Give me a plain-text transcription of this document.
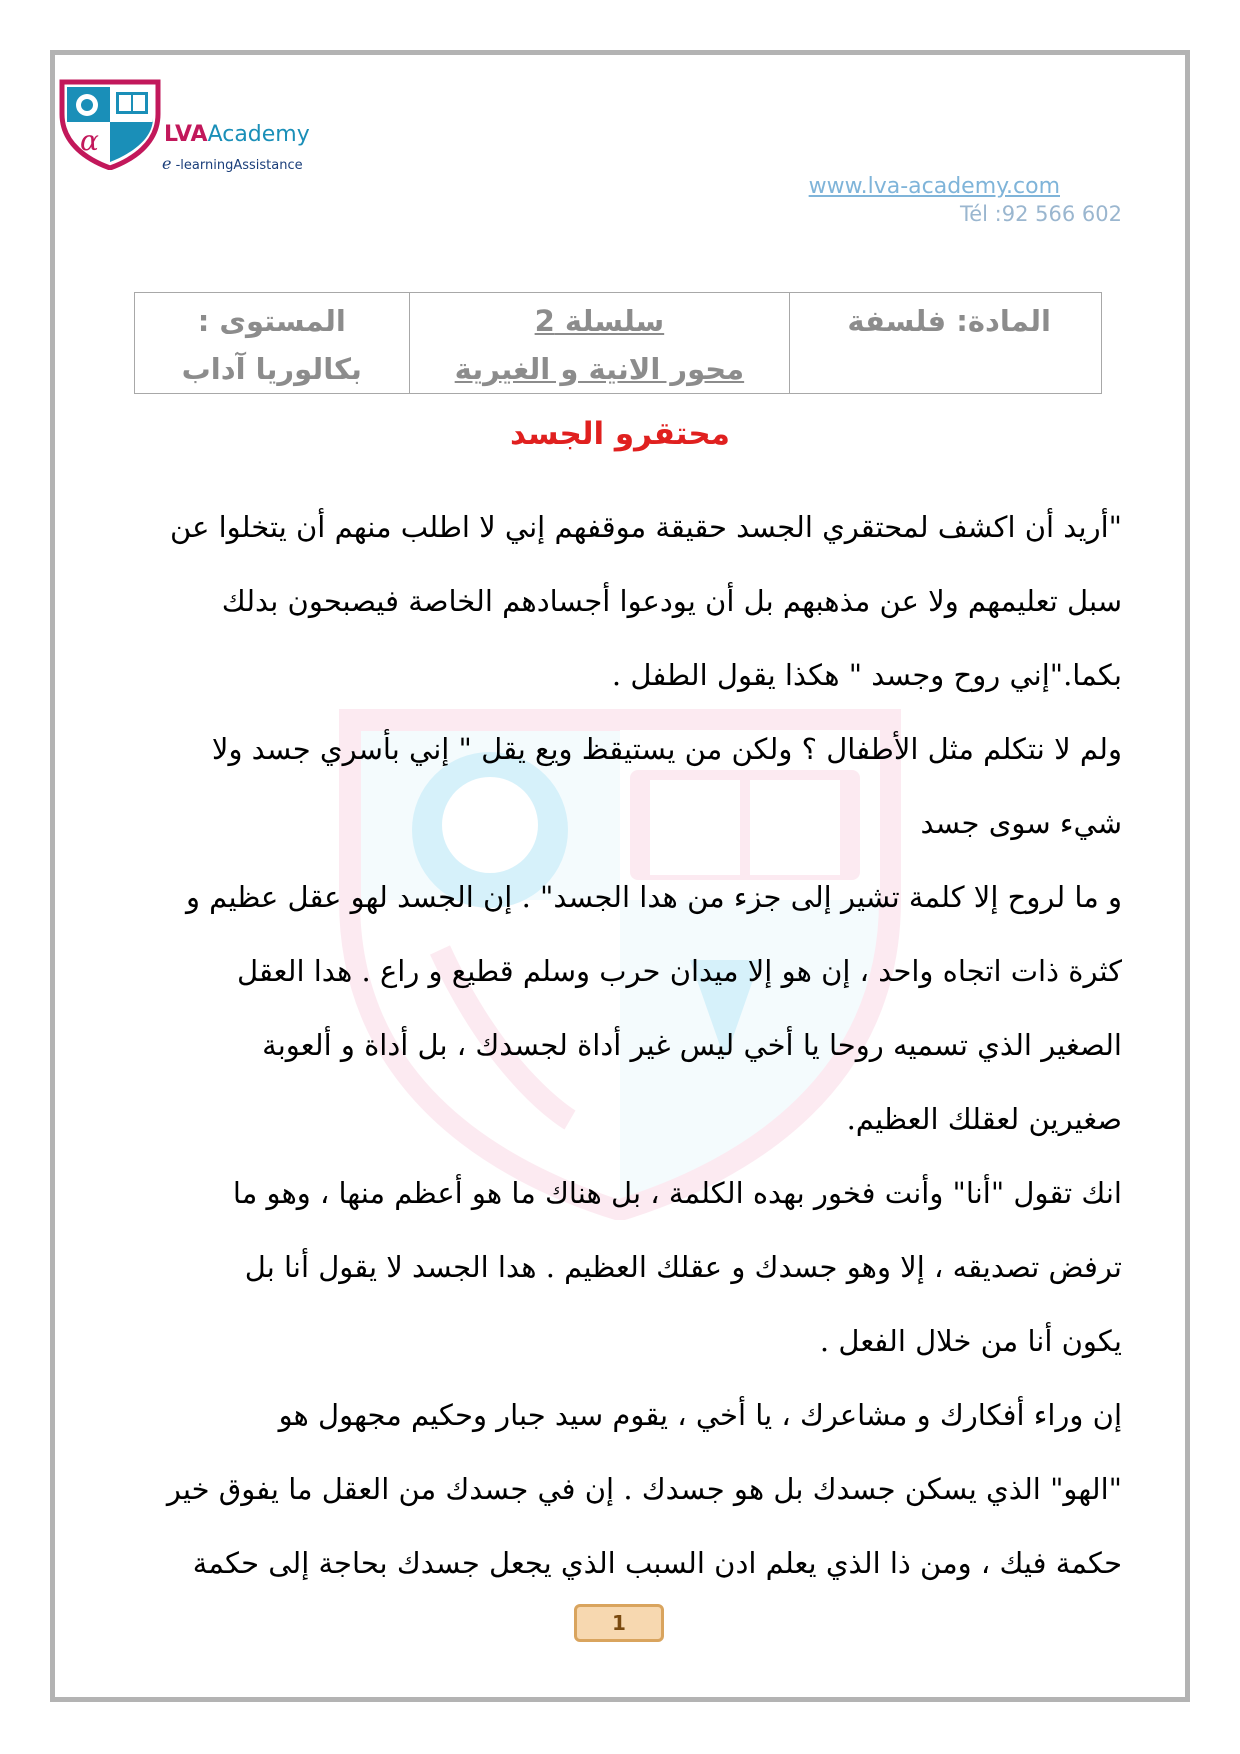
α	LVAAcademy
e -learningAssistance
www.lva-academy.com
Tél :92 566 602
المادة: فلسفة

سلسلة 2
محور الانية و الغيرية

المستوى :
بكالوريا آداب
محتقرو الجسد
"أريد أن اكشف لمحتقري الجسد حقيقة موقفهم إني لا اطلب منهم أن يتخلوا عن
سبل تعليمهم ولا عن مذهبهم بل أن يودعوا أجسادهم الخاصة فيصبحون بدلك
بكما."إني روح وجسد " هكذا يقول الطفل .
ولم لا نتكلم مثل الأطفال ؟ ولكن من يستيقظ ويع يقل " إني بأسري جسد ولا
شيء سوى جسد
و ما لروح إلا كلمة تشير إلى جزء من هدا الجسد" . إن الجسد لهو عقل عظيم و
كثرة ذات اتجاه واحد ، إن هو إلا ميدان حرب وسلم قطيع و راع . هدا العقل
الصغير الذي تسميه روحا يا أخي ليس غير أداة لجسدك ، بل أداة و ألعوبة
صغيرين لعقلك العظيم.
انك تقول "أنا" وأنت فخور بهده الكلمة ، بل هناك ما هو أعظم منها ، وهو ما
ترفض تصديقه ، إلا وهو جسدك و عقلك العظيم . هدا الجسد لا يقول أنا بل
يكون أنا من خلال الفعل .
إن وراء أفكارك و مشاعرك ، يا أخي ، يقوم سيد جبار وحكيم مجهول هو
"الهو" الذي يسكن جسدك بل هو جسدك . إن في جسدك من العقل ما يفوق خير
حكمة فيك ، ومن ذا الذي يعلم ادن السبب الذي يجعل جسدك بحاجة إلى حكمة
1
